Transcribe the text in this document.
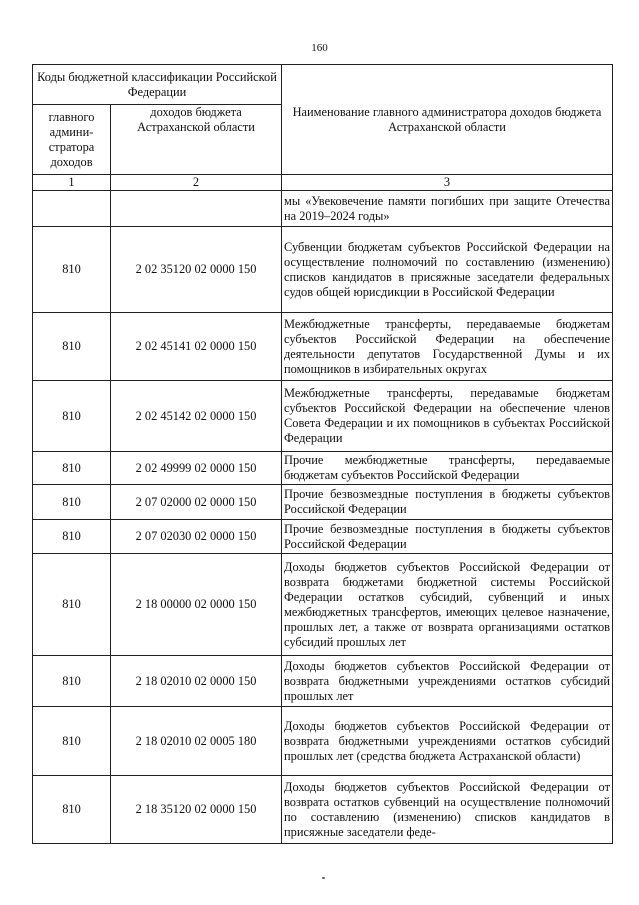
160
Коды бюджетной классификации Российской Федерации		Наименование главного администратора доходов бюджета Астраханской области
главного админи-стратора доходов	доходов бюджета Астраханской области	
1	2	3
		мы «Увековечение памяти погибших при защите Отечества на 2019–2024 годы»
810	2 02 35120 02 0000 150	Субвенции бюджетам субъектов Российской Федерации на осуществление полномочий по составлению (изменению) списков кандидатов в присяжные заседатели федеральных судов общей юрисдикции в Российской Федерации
810	2 02 45141 02 0000 150	Межбюджетные трансферты, передаваемые бюджетам субъектов Российской Федерации на обеспечение деятельности депутатов Государственной Думы и их помощников в избирательных округах
810	2 02 45142 02 0000 150	Межбюджетные трансферты, передавамые бюджетам субъектов Российской Федерации на обеспечение членов Совета Федерации и их помощников в субъектах Российской Федерации
810	2 02 49999 02 0000 150	Прочие межбюджетные трансферты, передаваемые бюджетам субъектов Российской Федерации
810	2 07 02000 02 0000 150	Прочие безвозмездные поступления в бюджеты субъектов Российской Федерации
810	2 07 02030 02 0000 150	Прочие безвозмездные поступления в бюджеты субъектов Российской Федерации
810	2 18 00000 02 0000 150	Доходы бюджетов субъектов Российской Федерации от возврата бюджетами бюджетной системы Российской Федерации остатков субсидий, субвенций и иных межбюджетных трансфертов, имеющих целевое назначение, прошлых лет, а также от возврата организациями остатков субсидий прошлых лет
810	2 18 02010 02 0000 150	Доходы бюджетов субъектов Российской Федерации от возврата бюджетными учреждениями остатков субсидий прошлых лет
810	2 18 02010 02 0005 180	Доходы бюджетов субъектов Российской Федерации от возврата бюджетными учреждениями остатков субсидий прошлых лет (средства бюджета Астраханской области)
810	2 18 35120 02 0000 150	Доходы бюджетов субъектов Российской Федерации от возврата остатков субвенций на осуществление полномочий по составлению (изменению) списков кандидатов в присяжные заседатели феде-
